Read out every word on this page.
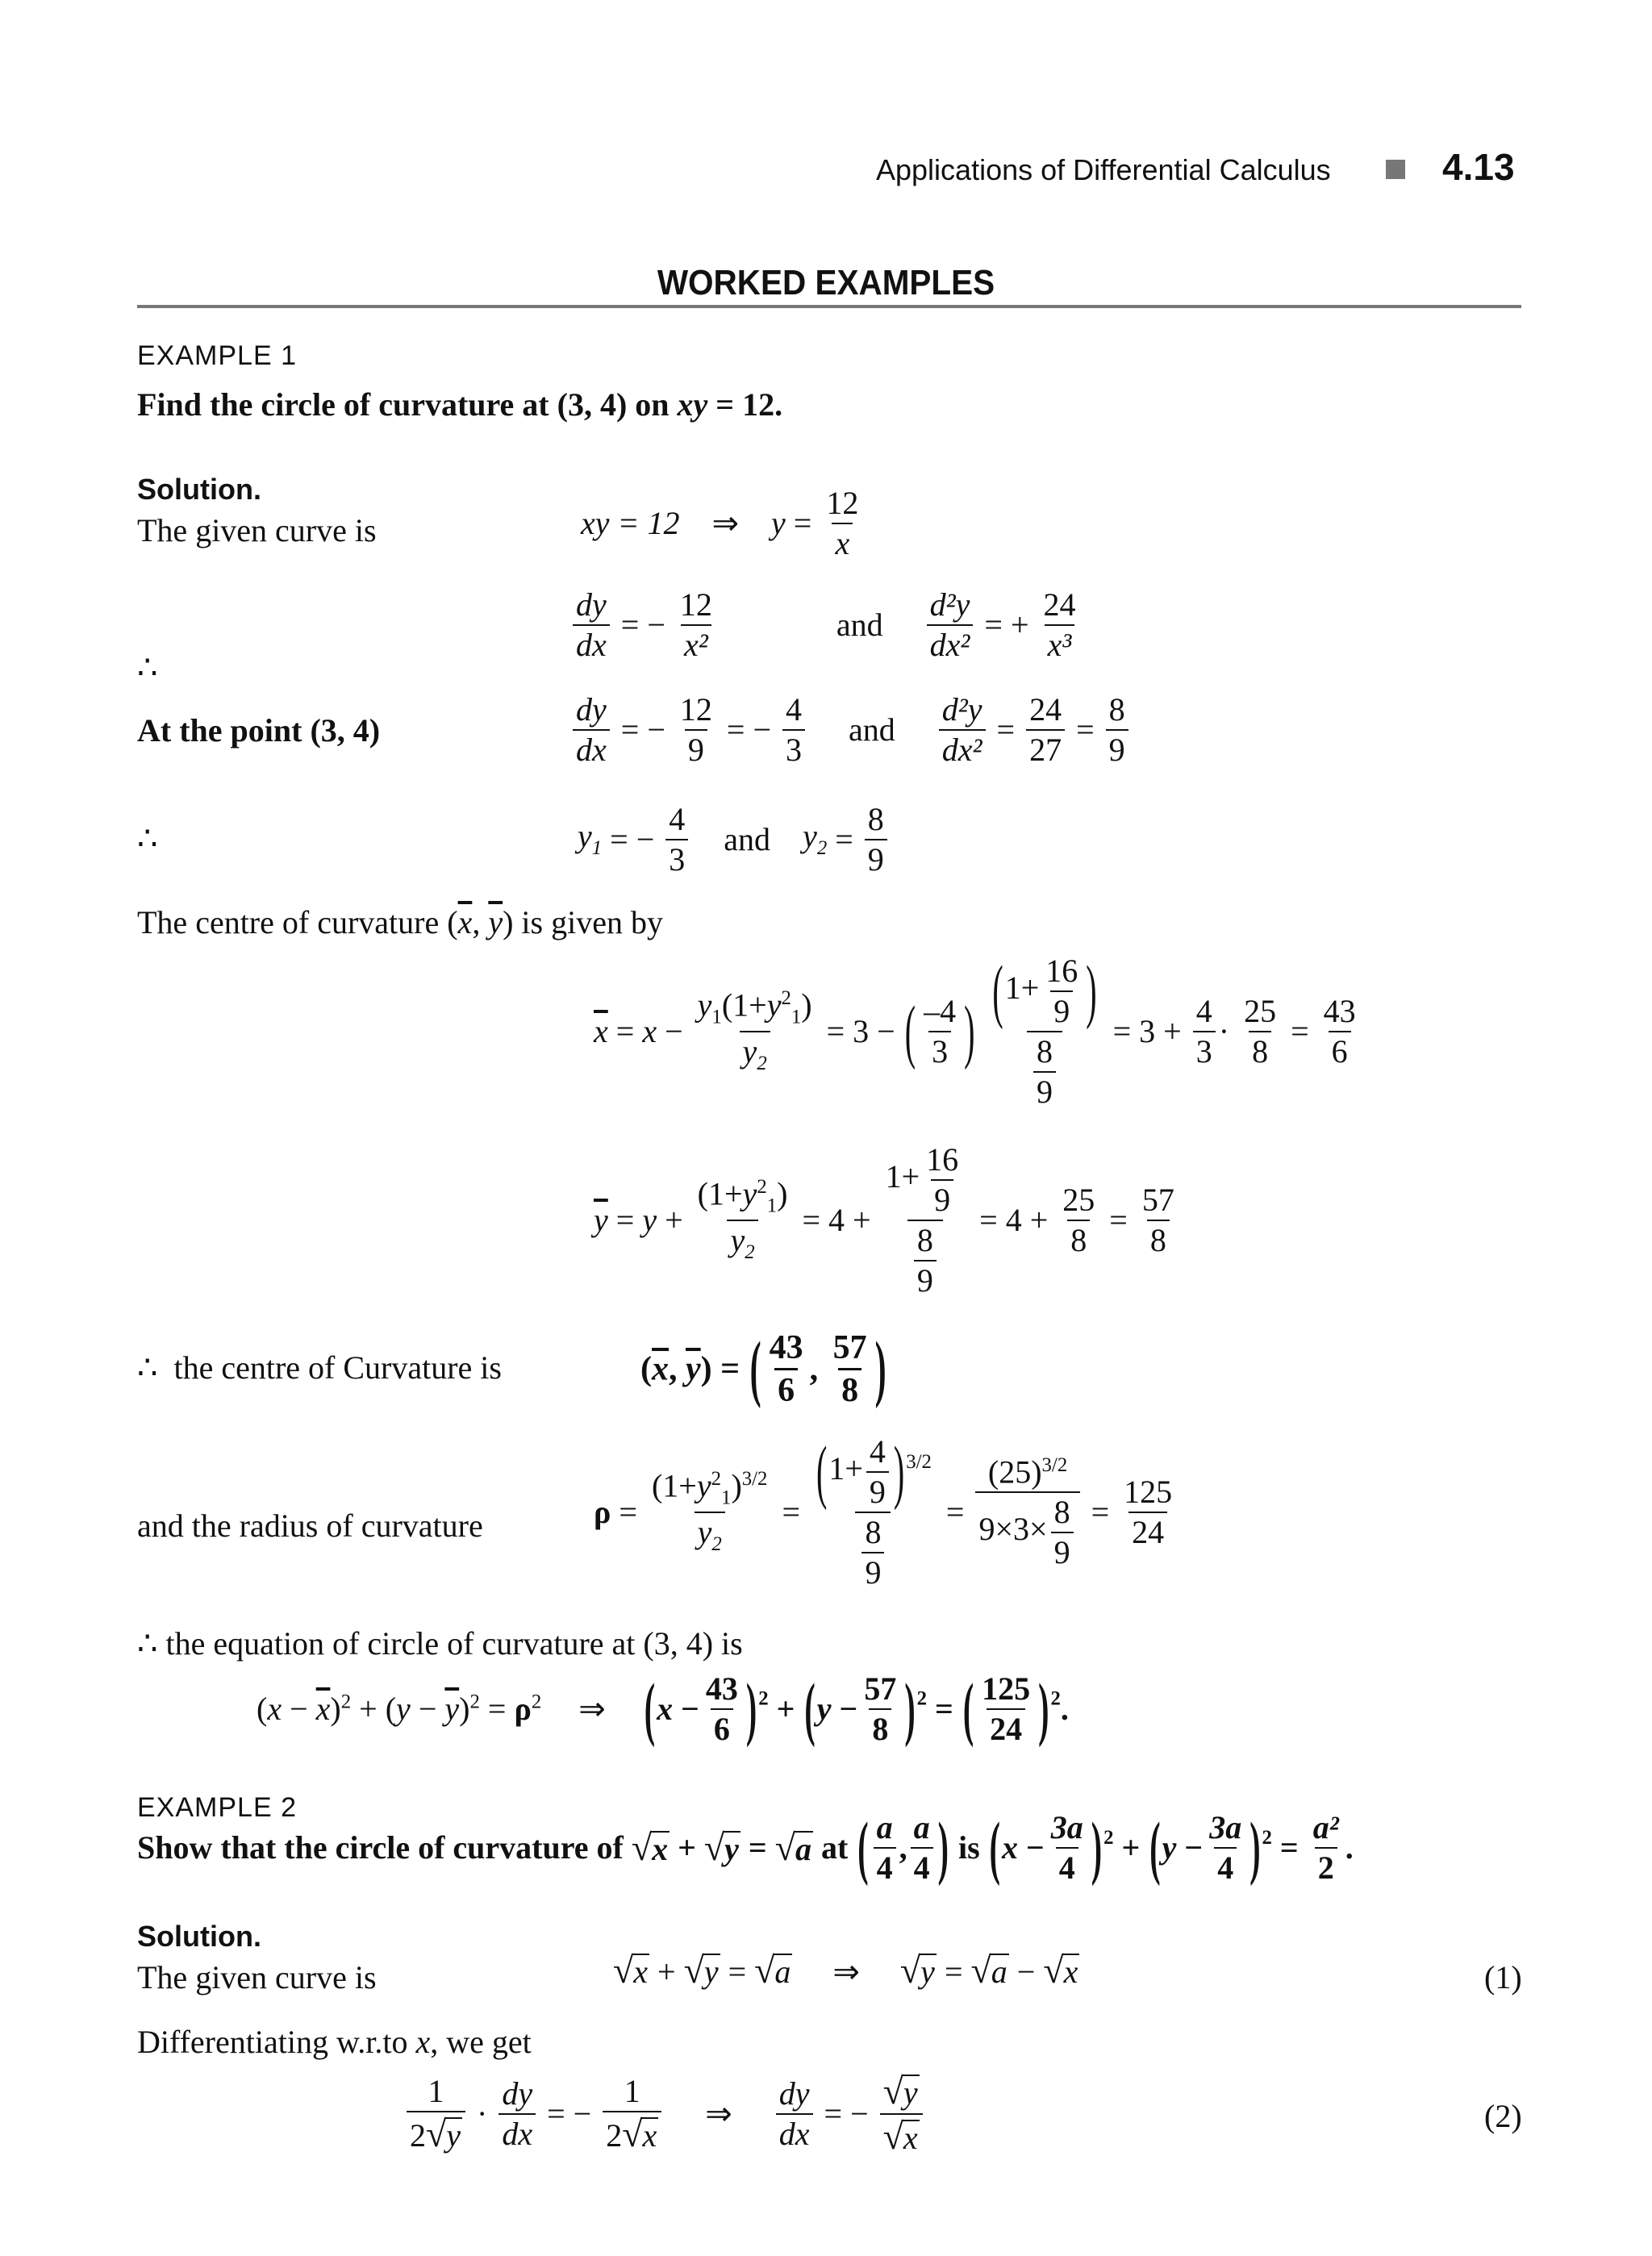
Applications of Differential Calculus	4.13
WORKED EXAMPLES
EXAMPLE 1
Find the circle of curvature at (3, 4) on xy = 12.
Solution.
The given curve is	xy = 12 ⇒ $y = \frac{12}{x}$
∴
$\frac{dy}{dx}$ = − $\frac{12}{\text{x²}}$	and $\frac{\text{d²y}}{\text{dx²}}$ = + $\frac{24}{\text{x³}}$
At the point (3, 4)	$\frac{dy}{dx}$ = − $\frac{12}{9}$ = − $\frac{4}{3}$ and $\frac{\text{d²y}}{\text{dx²}} = \frac{24}{27} = \frac{8}{9}$
∴	$y_1$ = − $\frac{4}{3}$ and $y_2 = \frac{8}{9}$
The centre of curvature ($\overline{x}$, $\overline{y}$) is given by
$\overline{x} = x - \frac{y_1(1+y^2_1)}{y_2} = 3$ − ( $\frac{-4}{3}$ ) $\frac{(1+ \frac{16}{9} )}{\frac{8}{9}} = 3 + \frac{4}{3} \cdot \frac{25}{8} = \frac{43}{6}$
$\overline{y} = y + \frac{(1+y^2_1)}{y_2} = 4 + \frac{1+ \frac{16}{9}}{\frac{8}{9}} = 4 + \frac{25}{8} = \frac{57}{8}$
∴ the centre of Curvature is	($\overline{x}$, $\overline{y}$) = ( $\frac{43}{6}$ , $\frac{57}{8}$ )
and the radius of curvature	$\rho = \frac{(1+y^2_1)^{3/2}}{y_2} = \frac{(1+ \frac{4}{9} )^{3/2}}{\frac{8}{9}} = \frac{(25)^{3/2}}{9\times 3\times \frac{8}{9}} = \frac{125}{24}$
∴ the equation of circle of curvature at (3, 4) is
$(x - \overline{x})^2 + (y - \overline{y})^2 = \rho^2$ ⇒ $(x - \frac{43}{6} )^2 + (y - \frac{57}{8} )^2$ = ( $\frac{125}{24} )^2$.
EXAMPLE 2
Show that the circle of curvature of √ x + √ y = √ a at ( $\frac{a}{4}$ , $\frac{a}{4}$ ) is $(x - \frac{3a}{4} )^2 + (y - \frac{3a}{4} )^2 = \frac{\text{a²}}{2}$ .
Solution.
The given curve is	√ x + √ y = √ a ⇒ √ y = √ a − √ x	(1)
Differentiating w.r.to x, we get
$\frac{1}{2 √ y} \cdot \frac{dy}{dx}$ = − $\frac{1}{2 √ x}$ ⇒ $\frac{dy}{dx}$ = − $\frac{√ y}{√ x}$	(2)
